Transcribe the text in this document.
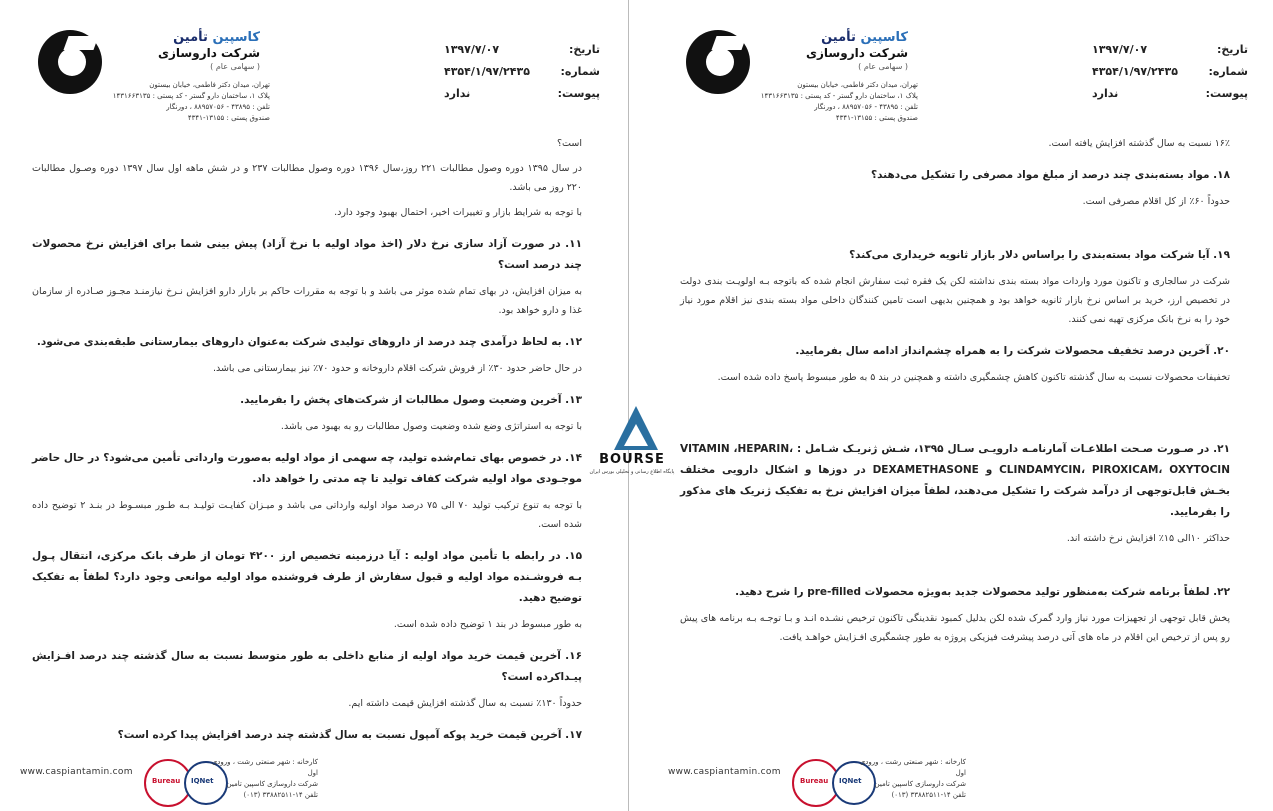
کاسپین تأمین
شرکت داروسازی
( سهامی عام )
تهران، میدان دکتر فاطمی، خیابان بیستون
پلاک ۱، ساختمان دارو گستر - کد پستی : ۱۴۳۱۶۶۳۱۳۵
تلفن : ۴۳۸۹۵ - ۸۸۹۵۷۰۵۶ ، دورنگار
صندوق پستی : ۱۳۱۵۵-۴۳۴۱
تاریخ:
۱۳۹۷/۷/۰۷
شماره:
۴۳۵۴/۱/۹۷/۲۴۳۵
پیوست:
ندارد
است؟
در سال ۱۳۹۵ دوره وصول مطالبات ۲۲۱ روز،سال ۱۳۹۶ دوره وصول مطالبات ۲۳۷ و در شش ماهه اول سال ۱۳۹۷ دوره وصـول مطالبات ۲۲۰ روز می باشد.
با توجه به شرایط بازار و تغییرات اخیر، احتمال بهبود وجود دارد.
۱۱. در صورت آزاد سازی نرخ دلار (اخذ مواد اولیه با نرخ آزاد) پیش بینی شما برای افزایش نرخ محصولات چند درصد است؟
به میزان افزایش، در بهای تمام شده موثر می باشد و با توجه به مقررات حاکم بر بازار دارو افزایش نـرخ نیازمنـد مجـوز صـادره از سازمان غذا و دارو خواهد بود.
۱۲. به لحاظ درآمدی چند درصد از داروهای تولیدی شرکت به‌عنوان داروهای بیمارستانی طبقه‌بندی می‌شود.
در حال حاضر حدود ۳۰٪ از فروش شرکت اقلام داروخانه و حدود ۷۰٪ نیز بیمارستانی می باشد.
۱۳. آخرین وضعیت وصول مطالبات از شرکت‌های پخش را بفرمایید.
با توجه به استراتژی وضع شده وضعیت وصول مطالبات رو به بهبود می باشد.
۱۴. در خصوص بهای تمام‌شده تولید، چه سهمی از مواد اولیه به‌صورت وارداتی تأمین می‌شود؟ در حال حاضر موجـودی مواد اولیه شرکت کفاف تولید تا چه مدتی را خواهد داد.
با توجه به تنوع ترکیب تولید ۷۰ الی ۷۵ درصد مواد اولیه وارداتی می باشد و میـزان کفایـت تولیـد بـه طـور مبسـوط در بنـد ۲ توضیح داده شده است.
۱۵. در رابطه با تأمین مواد اولیه : آیا درزمینه تخصیص ارز ۴۲۰۰ تومان از طرف بانک مرکزی، انتقال پـول بـه فروشـنده مواد اولیه و قبول سفارش از طرف فروشنده مواد اولیه موانعی وجود دارد؟ لطفاً به تفکیک توضیح دهید.
به طور مبسوط در بند ۱ توضیح داده شده است.
۱۶. آخرین قیمت خرید مواد اولیه از منابع داخلی به طور متوسط نسبت به سال گذشته چند درصد افـزایش پیـداکرده است؟
حدوداً ۱۳۰٪ نسبت به سال گذشته افزایش قیمت داشته ایم.
۱۷. آخرین قیمت خرید پوکه آمپول نسبت به سال گذشته چند درصد افزایش پیدا کرده است؟
www.caspiantamin.com
Bureau IQNet
کارخانه : شهر صنعتی رشت ، ورودی اول
شرکت داروسازی کاسپین تامین
تلفن ۱۴-۳۳۸۸۲۵۱۱ (۰۱۳)
کاسپین تأمین
شرکت داروسازی
( سهامی عام )
تهران، میدان دکتر فاطمی، خیابان بیستون
پلاک ۱، ساختمان دارو گستر - کد پستی : ۱۴۳۱۶۶۳۱۳۵
تلفن : ۴۳۸۹۵ - ۸۸۹۵۷۰۵۶ ، دورنگار
صندوق پستی : ۱۳۱۵۵-۴۳۴۱
تاریخ:
۱۳۹۷/۷/۰۷
شماره:
۴۳۵۴/۱/۹۷/۲۴۳۵
پیوست:
ندارد
۱۶٪ نسبت به سال گذشته افزایش یافته است.
۱۸. مواد بسته‌بندی چند درصد از مبلغ مواد مصرفی را تشکیل می‌دهند؟
حدوداً ۶۰٪ از کل اقلام مصرفی است.
۱۹. آیا شرکت مواد بسته‌بندی را براساس دلار بازار ثانویه خریداری می‌کند؟
شرکت در سالجاری و تاکنون مورد واردات مواد بسته بندی نداشته لکن یک فقره ثبت سفارش انجام شده که باتوجه بـه اولویـت بندی دولت در تخصیص ارز، خرید بر اساس نرخ بازار ثانویه خواهد بود و همچنین بدیهی است تامین کنندگان داخلی مواد بسته بندی نیز اقلام مورد نیاز خود را به نرخ بانک مرکزی تهیه نمی کنند.
۲۰. آخرین درصد تخفیف محصولات شرکت را به همراه چشم‌انداز ادامه سال بفرمایید.
تخفیفات محصولات نسبت به سال گذشته تاکنون کاهش چشمگیری داشته و همچنین در بند ۵ به طور مبسوط پاسخ داده شده است.
۲۱. در صـورت صـحت اطلاعـات آمارنامـه دارویـی سـال ۱۳۹۵، شـش ژنریـک شـامل : VITAMIN ،HEPARIN، CLINDAMYCIN، PIROXICAM، OXYTOCIN و DEXAMETHASONE در دوزها و اشکال دارویی مختلف بخـش قابل‌توجهی از درآمد شرکت را تشکیل می‌دهند، لطفاً میزان افزایش نرخ به تفکیک ژنریک های مذکور را بفرمایید.
حداکثر ۱۰الی ۱۵٪ افزایش نرخ داشته اند.
۲۲. لطفاً برنامه شرکت به‌منظور تولید محصولات جدید به‌ویژه محصولات pre-filled را شرح دهید.
پخش قابل توجهی از تجهیزات مورد نیاز وارد گمرک شده لکن بدلیل کمبود نقدینگی تاکنون ترخیص نشـده انـد و بـا توجـه بـه برنامه های پیش رو پس از ترخیص این اقلام در ماه های آتی درصد پیشرفت فیزیکی پروژه به طور چشمگیری افـزایش خواهـد یافت.
www.caspiantamin.com
Bureau IQNet
کارخانه : شهر صنعتی رشت ، ورودی اول
شرکت داروسازی کاسپین تامین
تلفن ۱۴-۳۳۸۸۲۵۱۱ (۰۱۳)
BOURSE
پایگاه اطلاع رسانی و تحلیلی بورس ایران
